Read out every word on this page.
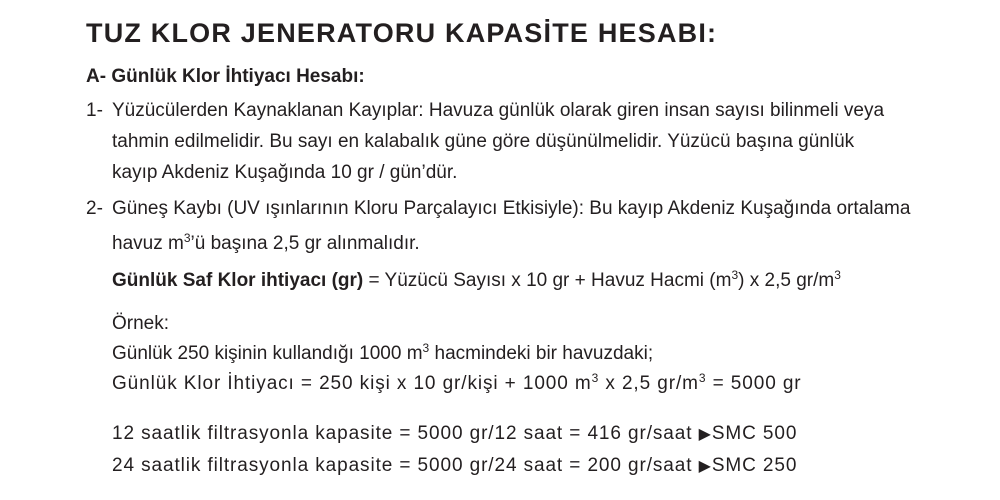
TUZ KLOR JENERATORU KAPASİTE HESABI:
A- Günlük Klor İhtiyacı Hesabı:
1- Yüzücülerden Kaynaklanan Kayıplar: Havuza günlük olarak giren insan sayısı bilinmeli veya
tahmin edilmelidir. Bu sayı en kalabalık güne göre düşünülmelidir. Yüzücü başına günlük
kayıp Akdeniz Kuşağında 10 gr / gün’dür.
2- Güneş Kaybı (UV ışınlarının Kloru Parçalayıcı Etkisiyle): Bu kayıp Akdeniz Kuşağında ortalama
havuz $m^3’ü$ başına 2,5 gr alınmalıdır.
Günlük Saf Klor ihtiyacı (gr) = Yüzücü Sayısı x 10 gr + Havuz Hacmi $(m^3)$ x 2,5 $gr/m^3$
Örnek:
Günlük 250 kişinin kullandığı 1000 $m^3$ hacmindeki bir havuzdaki;
Günlük Klor İhtiyacı = 250 kişi x 10 gr/kişi + 1000 $m^3$ x 2,5 $gr/m^3 = 5000$ gr
12 saatlik filtrasyonla kapasite = 5000 gr/12 saat = 416 gr/saat ▶SMC 500
24 saatlik filtrasyonla kapasite = 5000 gr/24 saat = 200 gr/saat ▶SMC 250
